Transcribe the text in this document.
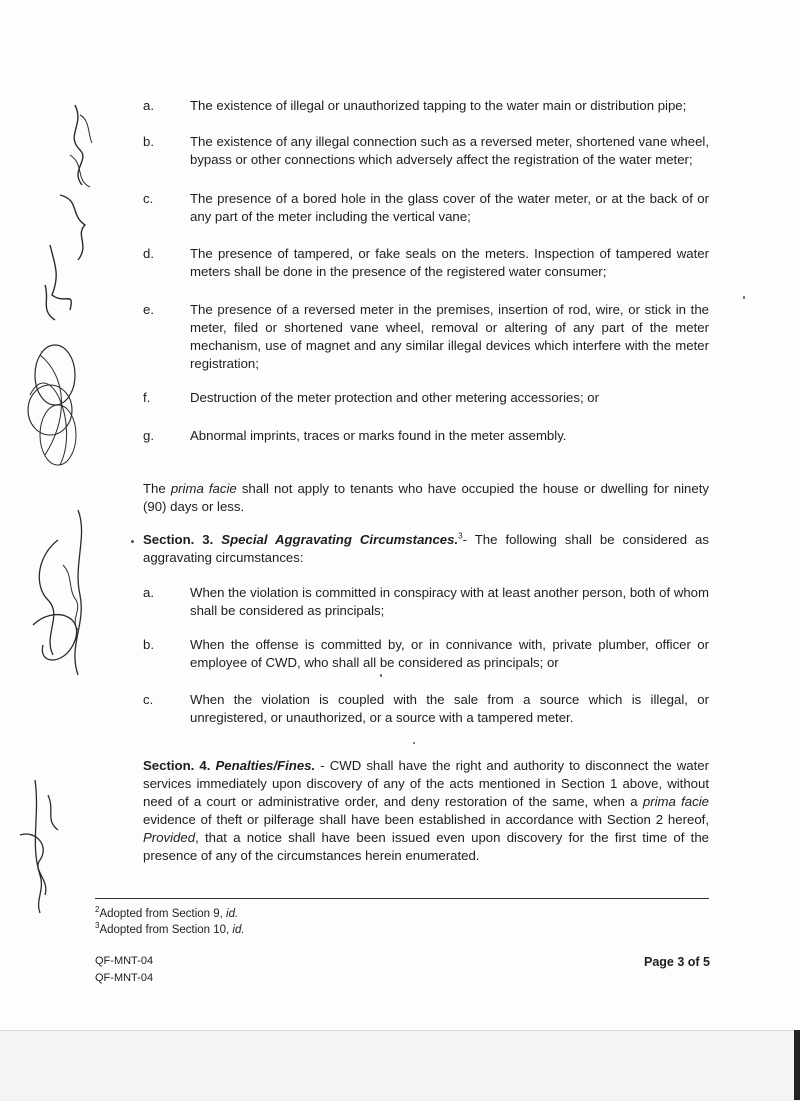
a.	The existence of illegal or unauthorized tapping to the water main or distribution pipe;
b.	The existence of any illegal connection such as a reversed meter, shortened vane wheel, bypass or other connections which adversely affect the registration of the water meter;
c.	The presence of a bored hole in the glass cover of the water meter, or at the back of or any part of the meter including the vertical vane;
d.	The presence of tampered, or fake seals on the meters. Inspection of tampered water meters shall be done in the presence of the registered water consumer;
e.	The presence of a reversed meter in the premises, insertion of rod, wire, or stick in the meter, filed or shortened vane wheel, removal or altering of any part of the meter mechanism, use of magnet and any similar illegal devices which interfere with the meter registration;
f.	Destruction of the meter protection and other metering accessories; or
g.	Abnormal imprints, traces or marks found in the meter assembly.
The prima facie shall not apply to tenants who have occupied the house or dwelling for ninety (90) days or less.
Section. 3. Special Aggravating Circumstances.$^3$- The following shall be considered as aggravating circumstances:
a.	When the violation is committed in conspiracy with at least another person, both of whom shall be considered as principals;
b.	When the offense is committed by, or in connivance with, private plumber, officer or employee of CWD, who shall all be considered as principals; or
c.	When the violation is coupled with the sale from a source which is illegal, or unregistered, or unauthorized, or a source with a tampered meter.
Section. 4. Penalties/Fines. - CWD shall have the right and authority to disconnect the water services immediately upon discovery of any of the acts mentioned in Section 1 above, without need of a court or administrative order, and deny restoration of the same, when a prima facie evidence of theft or pilferage shall have been established in accordance with Section 2 hereof, Provided, that a notice shall have been issued even upon discovery for the first time of the presence of any of the circumstances herein enumerated.
$^2$Adopted from Section 9, id.
$^3$Adopted from Section 10, id.
QF-MNT-04
QF-MNT-04
Page 3 of 5
